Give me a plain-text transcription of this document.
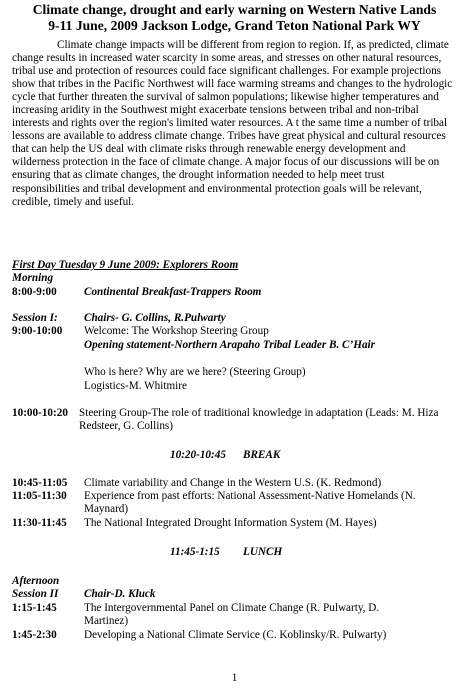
Climate change, drought and early warning on Western Native Lands
9-11 June, 2009 Jackson Lodge, Grand Teton National Park WY

Climate change impacts will be different from region to region. If, as predicted, climate change results in increased water scarcity in some areas, and stresses on other natural resources, tribal use and protection of resources could face significant challenges. For example projections show that tribes in the Pacific Northwest will face warming streams and changes to the hydrologic cycle that further threaten the survival of salmon populations; likewise higher temperatures and increasing aridity in the Southwest might exacerbate tensions between tribal and non-tribal interests and rights over the region's limited water resources. A t the same time a number of tribal lessons are available to address climate change. Tribes have great physical and cultural resources that can help the US deal with climate risks through renewable energy development and wilderness protection in the face of climate change. A major focus of our discussions will be on ensuring that as climate changes, the drought information needed to help meet trust responsibilities and tribal development and environmental protection goals will be relevant, credible, timely and useful.

First Day Tuesday 9 June 2009: Explorers Room
Morning
8:00-9:00 Continental Breakfast-Trappers Room
Session I: Chairs- G. Collins, R.Pulwarty
9:00-10:00 Welcome: The Workshop Steering Group
Opening statement-Northern Arapaho Tribal Leader B. C’Hair
Who is here? Why are we here? (Steering Group)
Logistics-M. Whitmire
10:00-10:20 Steering Group-The role of traditional knowledge in adaptation (Leads: M. Hiza Redsteer, G. Collins)
10:20-10:45 BREAK
10:45-11:05 Climate variability and Change in the Western U.S. (K. Redmond)
11:05-11:30 Experience from past efforts: National Assessment-Native Homelands (N. Maynard)
11:30-11:45 The National Integrated Drought Information System (M. Hayes)
11:45-1:15 LUNCH
Afternoon
Session II Chair-D. Kluck
1:15-1:45 The Intergovernmental Panel on Climate Change (R. Pulwarty, D. Martinez)
1:45-2:30 Developing a National Climate Service (C. Koblinsky/R. Pulwarty)
1
